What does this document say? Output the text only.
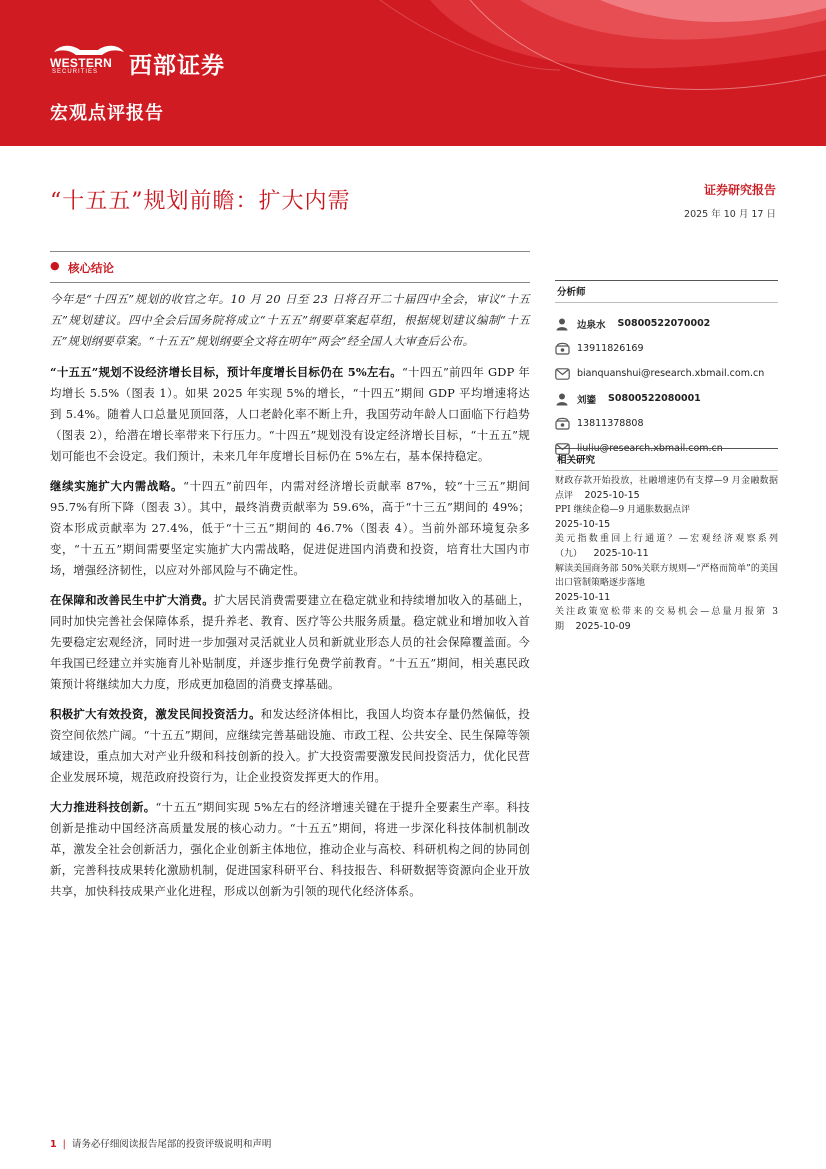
WESTERN
SECURITIES 西部证券
宏观点评报告
“十五五”规划前瞻：扩大内需	证券研究报告
2025 年 10 月 17 日
● 核心结论

今年是“十四五”规划的收官之年。10 月 20 日至 23 日将召开二十届四中全会，审议“十五五”规划建议。四中全会后国务院将成立“十五五”纲要草案起草组，根据规划建议编制“十五五”规划纲要草案。“十五五”规划纲要全文将在明年“两会”经全国人大审查后公布。

“十五五”规划不设经济增长目标，预计年度增长目标仍在 5%左右。“十四五”前四年 GDP 年均增长 5.5%（图表 1）。如果 2025 年实现 5%的增长，“十四五”期间 GDP 平均增速将达到 5.4%。随着人口总量见顶回落，人口老龄化率不断上升，我国劳动年龄人口面临下行趋势（图表 2），给潜在增长率带来下行压力。“十四五”规划没有设定经济增长目标，“十五五”规划可能也不会设定。我们预计，未来几年年度增长目标仍在 5%左右，基本保持稳定。

继续实施扩大内需战略。“十四五”前四年，内需对经济增长贡献率 87%，较“十三五”期间 95.7%有所下降（图表 3）。其中，最终消费贡献率为 59.6%，高于“十三五”期间的 49%；资本形成贡献率为 27.4%，低于“十三五”期间的 46.7%（图表 4）。当前外部环境复杂多变，“十五五”期间需要坚定实施扩大内需战略，促进促进国内消费和投资，培育壮大国内市场，增强经济韧性，以应对外部风险与不确定性。

在保障和改善民生中扩大消费。扩大居民消费需要建立在稳定就业和持续增加收入的基础上，同时加快完善社会保障体系，提升养老、教育、医疗等公共服务质量。稳定就业和增加收入首先要稳定宏观经济，同时进一步加强对灵活就业人员和新就业形态人员的社会保障覆盖面。今年我国已经建立并实施育儿补贴制度，并逐步推行免费学前教育。“十五五”期间，相关惠民政策预计将继续加大力度，形成更加稳固的消费支撑基础。

积极扩大有效投资，激发民间投资活力。和发达经济体相比，我国人均资本存量仍然偏低，投资空间依然广阔。“十五五”期间，应继续完善基础设施、市政工程、公共安全、民生保障等领域建设，重点加大对产业升级和科技创新的投入。扩大投资需要激发民间投资活力，优化民营企业发展环境，规范政府投资行为，让企业投资发挥更大的作用。

大力推进科技创新。“十五五”期间实现 5%左右的经济增速关键在于提升全要素生产率。科技创新是推动中国经济高质量发展的核心动力。“十五五”期间，将进一步深化科技体制机制改革，激发全社会创新活力，强化企业创新主体地位，推动企业与高校、科研机构之间的协同创新，完善科技成果转化激励机制，促进国家科研平台、科技报告、科研数据等资源向企业开放共享，加快科技成果产业化进程，形成以创新为引领的现代化经济体系。

分析师
边泉水 S0800522070002
13911826169
bianquanshui@research.xbmail.com.cn
刘鎏 S0800522080001
13811378808
liuliu@research.xbmail.com.cn
相关研究
财政存款开始投放，社融增速仍有支撑—9 月金融数据点评 2025-10-15
PPI 继续企稳—9 月通胀数据点评
2025-10-15
美元指数重回上行通道？—宏观经济观察系列（九） 2025-10-11
解读美国商务部 50%关联方规则—“严格而简单”的美国出口管制策略逐步落地
2025-10-11
关注政策宽松带来的交易机会—总量月报第 3 期 2025-10-09
1 | 请务必仔细阅读报告尾部的投资评级说明和声明
